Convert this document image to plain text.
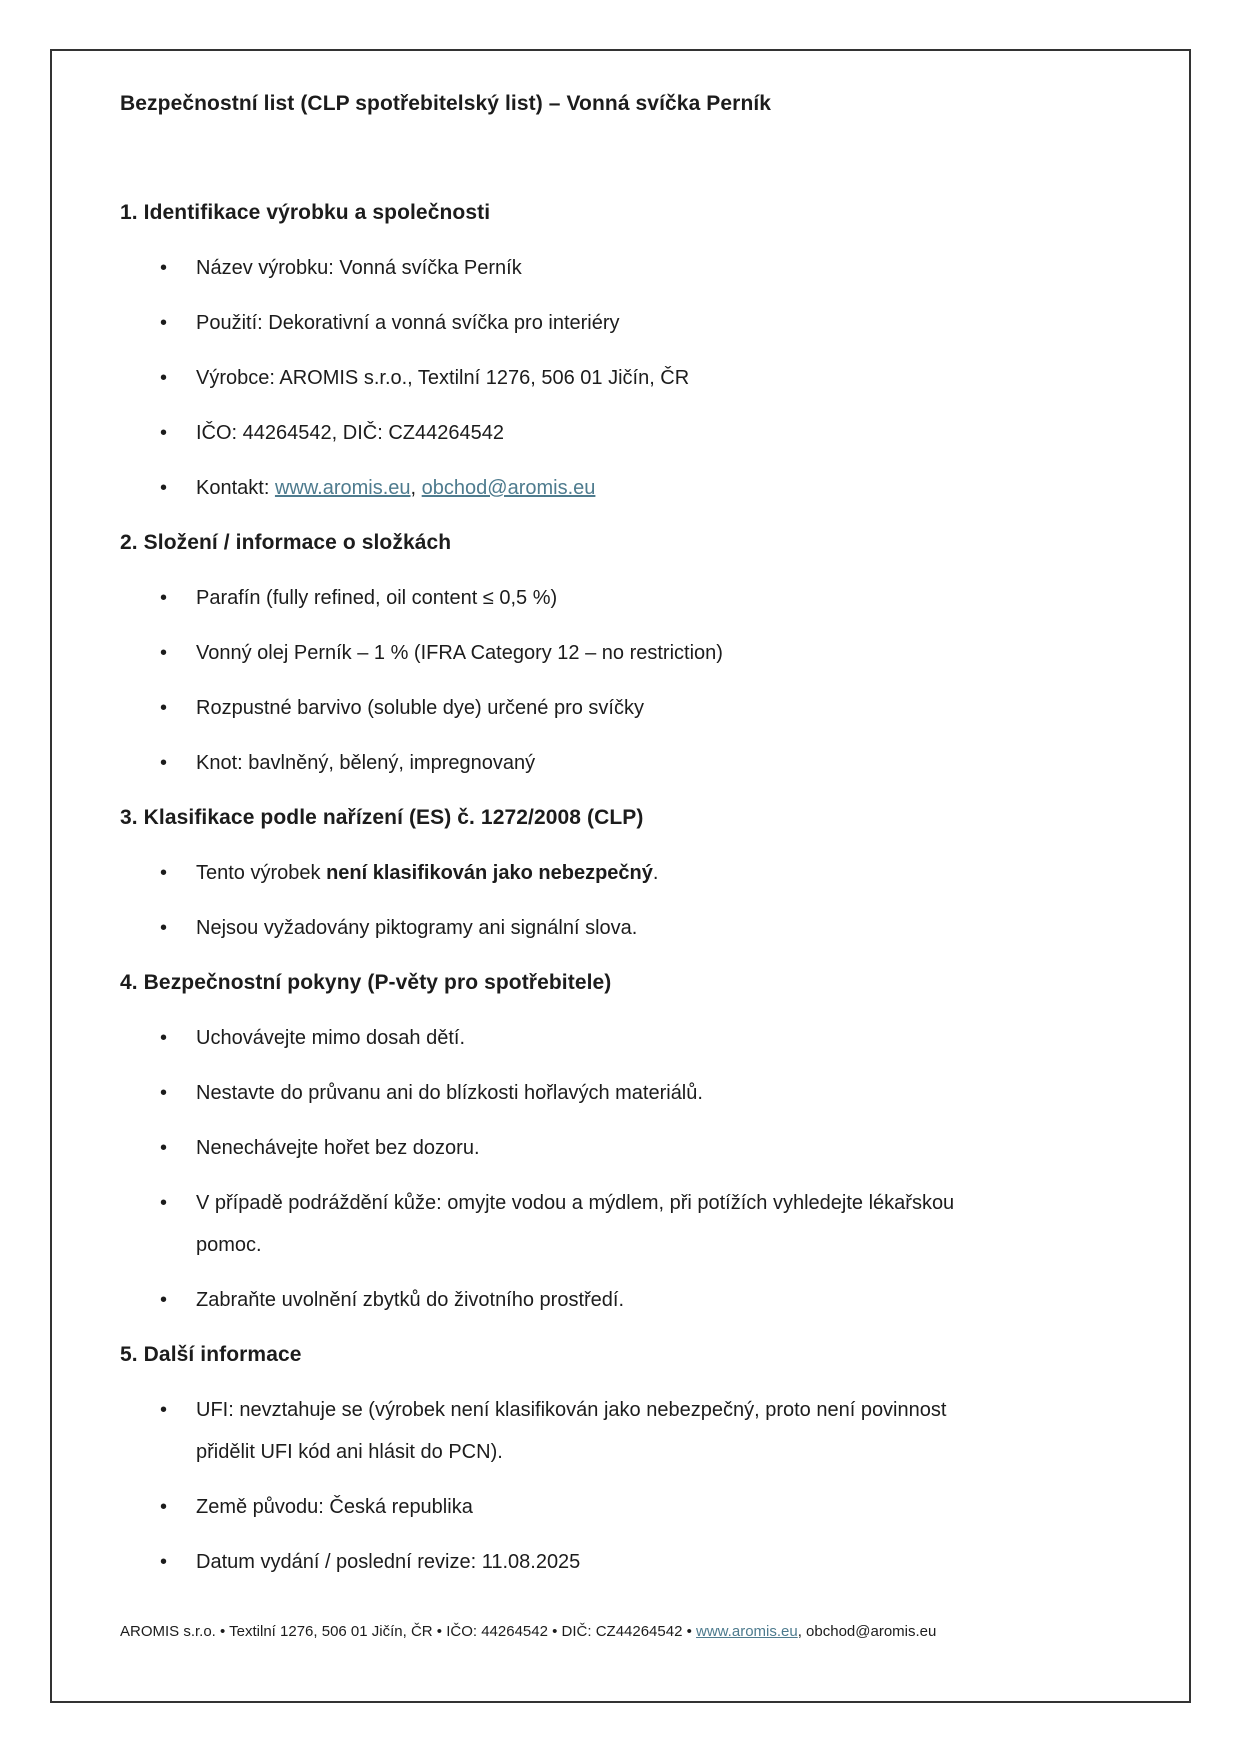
Bezpečnostní list (CLP spotřebitelský list) – Vonná svíčka Perník

1. Identifikace výrobku a společnosti
• Název výrobku: Vonná svíčka Perník
• Použití: Dekorativní a vonná svíčka pro interiéry
• Výrobce: AROMIS s.r.o., Textilní 1276, 506 01 Jičín, ČR
• IČO: 44264542, DIČ: CZ44264542
• Kontakt: www.aromis.eu, obchod@aromis.eu
2. Složení / informace o složkách
• Parafín (fully refined, oil content ≤ 0,5 %)
• Vonný olej Perník – 1 % (IFRA Category 12 – no restriction)
• Rozpustné barvivo (soluble dye) určené pro svíčky
• Knot: bavlněný, bělený, impregnovaný
3. Klasifikace podle nařízení (ES) č. 1272/2008 (CLP)
• Tento výrobek není klasifikován jako nebezpečný.
• Nejsou vyžadovány piktogramy ani signální slova.
4. Bezpečnostní pokyny (P-věty pro spotřebitele)
• Uchovávejte mimo dosah dětí.
• Nestavte do průvanu ani do blízkosti hořlavých materiálů.
• Nenechávejte hořet bez dozoru.
• V případě podráždění kůže: omyjte vodou a mýdlem, při potížích vyhledejte lékařskou
pomoc.
• Zabraňte uvolnění zbytků do životního prostředí.
5. Další informace
• UFI: nevztahuje se (výrobek není klasifikován jako nebezpečný, proto není povinnost
přidělit UFI kód ani hlásit do PCN).
• Země původu: Česká republika
• Datum vydání / poslední revize: 11.08.2025

AROMIS s.r.o. • Textilní 1276, 506 01 Jičín, ČR • IČO: 44264542 • DIČ: CZ44264542 • www.aromis.eu, obchod@aromis.eu
